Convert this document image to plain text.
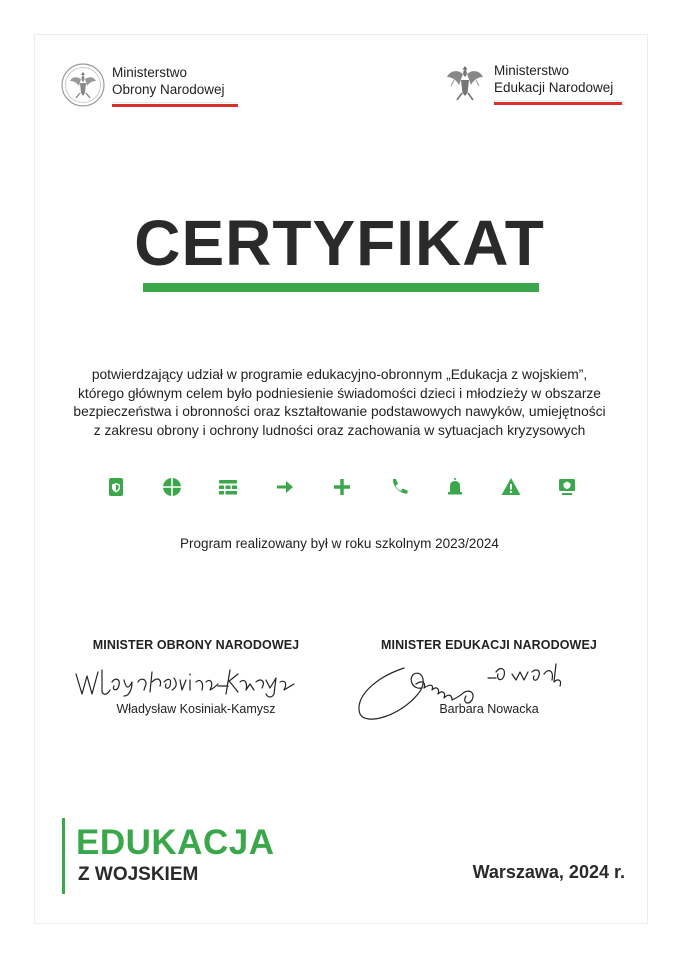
Ministerstwo
Obrony Narodowej
Ministerstwo
Edukacji Narodowej
CERTYFIKAT
potwierdzający udział w programie edukacyjno-obronnym „Edukacja z wojskiem”,
którego głównym celem było podniesienie świadomości dzieci i młodzieży w obszarze
bezpieczeństwa i obronności oraz kształtowanie podstawowych nawyków, umiejętności
z zakresu obrony i ochrony ludności oraz zachowania w sytuacjach kryzysowych
Program realizowany był w roku szkolnym 2023/2024
MINISTER OBRONY NARODOWEJ
Władysław Kosiniak-Kamysz
MINISTER EDUKACJI NARODOWEJ
Barbara Nowacka
EDUKACJA
Z WOJSKIEM	Warszawa, 2024 r.
